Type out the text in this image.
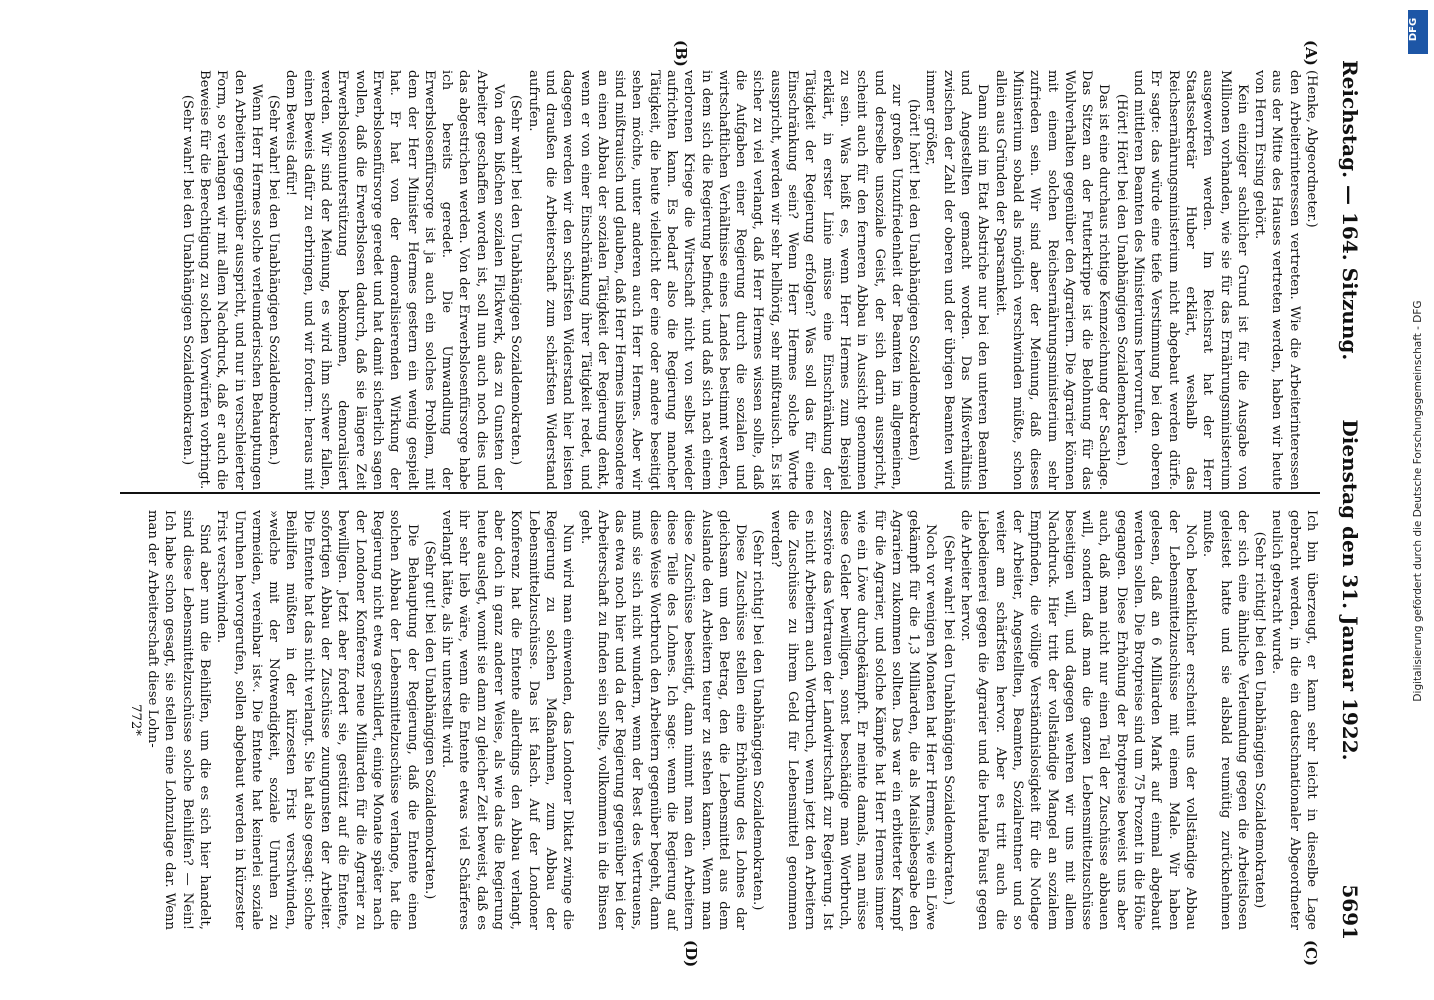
Reichstag. — 164. Sitzung.
Dienstag den 31. Januar 1922.
5691

(Henke, Abgeordneter.)

den Arbeiterinteressen vertreten. Wie die Arbeiterinteressen aus der Mitte des Hauses vertreten werden, haben wir heute von Herrn Ersing gehört.

Kein einziger sachlicher Grund ist für die Ausgabe von Millionen vorhanden, wie sie für das Ernährungsministerium ausgeworfen werden. Im Reichsrat hat der Herr Staatssekretär Huber erklärt, weshalb das Reichsernährungsministerium nicht abgebaut werden dürfe. Er sagte: das würde eine tiefe Verstimmung bei den oberen und mittleren Beamten des Ministeriums hervorrufen.

(Hört! Hört! bei den Unabhängigen Sozialdemokraten.)

Das ist eine durchaus richtige Kennzeichnung der Sachlage. Das Sitzen an der Futterkrippe ist die Belohnung für das Wohlverhalten gegenüber den Agrariern. Die Agrarier können mit einem solchen Reichsernährungsministerium sehr zufrieden sein. Wir sind aber der Meinung, daß dieses Ministerium sobald als möglich verschwinden müßte, schon allein aus Gründen der Sparsamkeit.

Dann sind im Etat Abstriche nur bei den unteren Beamten und Angestellten gemacht worden. Das Mißverhältnis zwischen der Zahl der oberen und der übrigen Beamten wird immer größer,

(hört! hört! bei den Unabhängigen Sozialdemokraten)

zur großen Unzufriedenheit der Beamten im allgemeinen, und derselbe unsoziale Geist, der sich darin ausspricht, scheint auch für den ferneren Abbau in Aussicht genommen zu sein. Was heißt es, wenn Herr Hermes zum Beispiel erklärt, in erster Linie müsse eine Einschränkung der Tätigkeit der Regierung erfolgen? Was soll das für eine Einschränkung sein? Wenn Herr Hermes solche Worte ausspricht, werden wir sehr hellhörig, sehr mißtrauisch. Es ist sicher zu viel verlangt, daß Herr Hermes wissen sollte, daß die Aufgaben einer Regierung durch die sozialen und wirtschaftlichen Verhältnisse eines Landes bestimmt werden, in dem sich die Regierung befindet, und daß sich nach einem verlorenen Kriege die Wirtschaft nicht von selbst wieder aufrichten kann. Es bedarf also die Regierung mancher Tätigkeit, die heute vielleicht der eine oder andere beseitigt sehen möchte, unter anderen auch Herr Hermes. Aber wir sind mißtrauisch und glauben, daß Herr Hermes insbesondere an einen Abbau der sozialen Tätigkeit der Regierung denkt, wenn er von einer Einschränkung ihrer Tätigkeit redet, und dagegen werden wir den schärfsten Widerstand hier leisten und draußen die Arbeiterschaft zum schärfsten Widerstand aufrufen.

(Sehr wahr! bei den Unabhängigen Sozialdemokraten.)

Von dem bißchen sozialen Flickwerk, das zu Gunsten der Arbeiter geschaffen worden ist, soll nun auch noch dies und das abgestrichen werden. Von der Erwerbslosenfürsorge habe ich bereits geredet. Die Umwandlung der Erwerbslosenfürsorge ist ja auch ein solches Problem, mit dem der Herr Minister Hermes gestern ein wenig gespielt hat. Er hat von der demoralisierenden Wirkung der Erwerbslosenfürsorge geredet und hat damit sicherlich sagen wollen, daß die Erwerbslosen dadurch, daß sie längere Zeit Erwerbslosenunterstützung bekommen, demoralisiert werden. Wir sind der Meinung, es wird ihm schwer fallen, einen Beweis dafür zu erbringen, und wir fordern: heraus mit dem Beweis dafür!

(Sehr wahr! bei den Unabhängigen Sozialdemokraten.)

Wenn Herr Hermes solche verleumderischen Behauptungen den Arbeitern gegenüber ausspricht, und nur in verschleierter Form, so verlangen wir mit allem Nachdruck, daß er auch die Beweise für die Berechtigung zu solchen Vorwürfen vorbringt.

(Sehr wahr! bei den Unabhängigen Sozialdemokraten.)

Ich bin überzeugt, er kann sehr leicht in dieselbe Lage gebracht werden, in die ein deutschnationaler Abgeordneter neulich gebracht wurde.

(Sehr richtig! bei den Unabhängigen Sozialdemokraten)

der sich eine ähnliche Verleumdung gegen die Arbeitslosen geleistet hatte und sie alsbald reumütig zurücknehmen mußte.

Noch bedenklicher erscheint uns der vollständige Abbau der Lebensmittelzuschüsse mit einem Male. Wir haben gelesen, daß an 6 Milliarden Mark auf einmal abgebaut werden sollen. Die Brotpreise sind um 75 Prozent in die Höhe gegangen. Diese Erhöhung der Brotpreise beweist uns aber auch, daß man nicht nur einen Teil der Zuschüsse abbauen will, sondern daß man die ganzen Lebensmittelzuschüsse beseitigen will, und dagegen wehren wir uns mit allem Nachdruck. Hier tritt der vollständige Mangel an sozialem Empfinden, die völlige Verständnislosigkeit für die Notlage der Arbeiter, Angestellten, Beamten, Sozialrentner und so weiter am schärfsten hervor. Aber es tritt auch die Liebedienerei gegen die Agrarier und die brutale Faust gegen die Arbeiter hervor.

(Sehr wahr! bei den Unabhängigen Sozialdemokraten.)

Noch vor wenigen Monaten hat Herr Hermes, wie ein Löwe gekämpft für die 1,3 Milliarden, die als Maisliebesgabe den Agrariern zukommen sollten. Das war ein erbitterter Kampf für die Agrarier, und solche Kämpfe hat Herr Hermes immer wie ein Löwe durchgekämpft. Er meinte damals, man müsse diese Gelder bewilligen, sonst beschädige man Wortbruch, zerstöre das Vertrauen der Landwirtschaft zur Regierung. Ist es nicht Arbeitern auch Wortbruch, wenn jetzt den Arbeitern die Zuschüsse zu ihrem Geld für Lebensmittel genommen werden?

(Sehr richtig! bei den Unabhängigen Sozialdemokraten.)

Diese Zuschüsse stellen eine Erhöhung des Lohnes dar gleichsam um den Betrag, den die Lebensmittel aus dem Auslande den Arbeitern teurer zu stehen kamen. Wenn man diese Zuschüsse beseitigt, dann nimmt man den Arbeitern diese Teile des Lohnes. Ich sage: wenn die Regierung auf diese Weise Wortbruch den Arbeitern gegenüber begeht, dann muß sie sich nicht wundern, wenn der Rest des Vertrauens, das etwa noch hier und da der Regierung gegenüber bei der Arbeiterschaft zu finden sein sollte, vollkommen in die Binsen geht.

Nun wird man einwenden, das Londoner Diktat zwinge die Regierung zu solchen Maßnahmen, zum Abbau der Lebensmittelzuschüsse. Das ist falsch. Auf der Londoner Konferenz hat die Entente allerdings den Abbau verlangt, aber doch in ganz anderer Weise, als wie das die Regierung heute auslegt, womit sie dann zu gleicher Zeit beweist, daß es ihr sehr lieb wäre, wenn die Entente etwas viel Schärferes verlangt hätte, als ihr unterstellt wird.

(Sehr gut! bei den Unabhängigen Sozialdemokraten.)

Die Behauptung der Regierung, daß die Entente einen solchen Abbau der Lebensmittelzuschüsse verlange, hat die Regierung nicht etwa geschildert, einige Monate später nach der Londoner Konferenz neue Milliarden für die Agrarier zu bewilligen. Jetzt aber fordert sie, gestützt auf die Entente, sofortigen Abbau der Zuschüsse zuungunsten der Arbeiter. Die Entente hat das nicht verlangt. Sie hat also gesagt: solche Beihilfen müßten in der kürzesten Frist verschwinden, »welche mit der Notwendigkeit, soziale Unruhen zu vermeiden, vereinbar ist«. Die Entente hat keinerlei soziale Unruhen hervorgerufen, sollen abgebaut werden in kürzester Frist verschwinden.

Sind aber nun die Beihilfen, um die es sich hier handelt, sind diese Lebensmittelzuschüsse solche Beihilfen? — Nein! Ich habe schon gesagt, sie stellen eine Lohnzulage dar. Wenn man der Arbeiterschaft diese Lohn-

772*

(A)
(B)
(C)
(D)
DFG
Digitalisierung gefördert durch die Deutsche Forschungsgemeinschaft - DFG
